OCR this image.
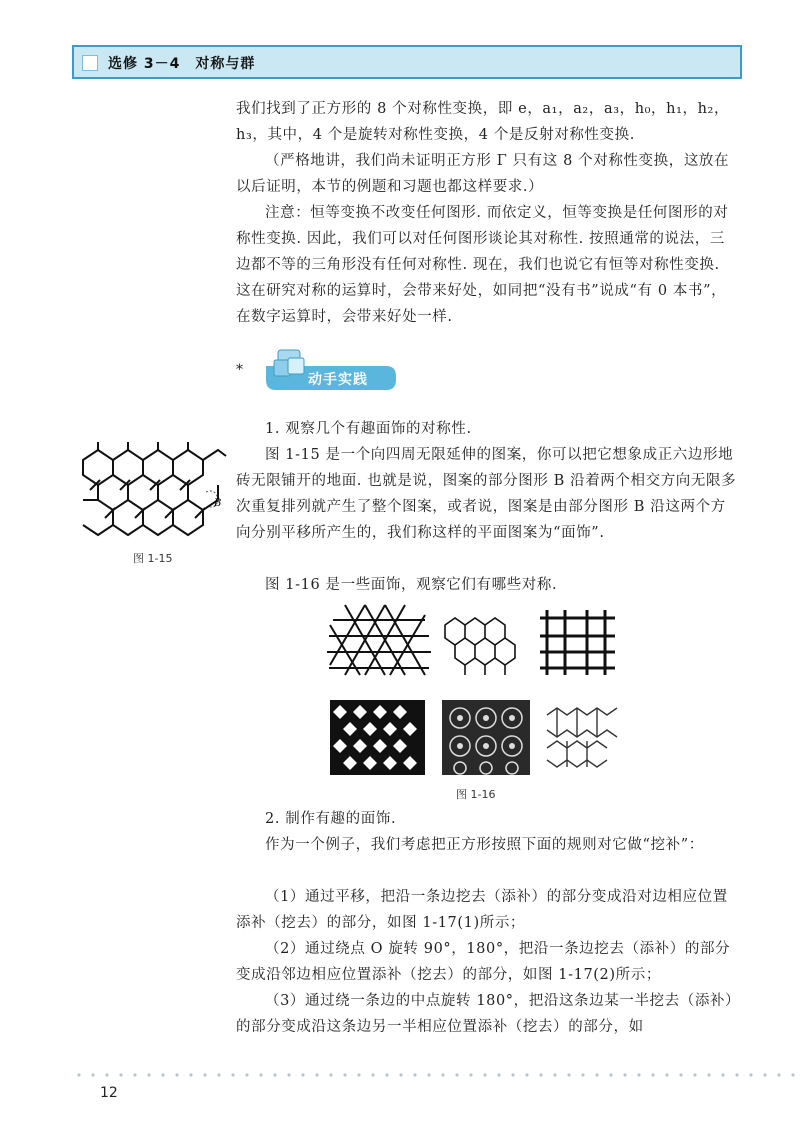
选修 3－4　对称与群

我们找到了正方形的 8 个对称性变换，即 e，a₁，a₂，a₃，h₀，h₁，h₂，

h₃，其中，4 个是旋转对称性变换，4 个是反射对称性变换.

（严格地讲，我们尚未证明正方形 Γ 只有这 8 个对称性变换，这放在以后证明，本节的例题和习题也都这样要求.）

注意：恒等变换不改变任何图形. 而依定义，恒等变换是任何图形的对称性变换. 因此，我们可以对任何图形谈论其对称性. 按照通常的说法，三边都不等的三角形没有任何对称性. 现在，我们也说它有恒等对称性变换. 这在研究对称的运算时，会带来好处，如同把“没有书”说成“有 0 本书”，在数字运算时，会带来好处一样.

*
动手实践

1. 观察几个有趣面饰的对称性.

图 1-15 是一个向四周无限延伸的图案，你可以把它想象成正六边形地砖无限铺开的地面. 也就是说，图案的部分图形 B 沿着两个相交方向无限多次重复排列就产生了整个图案，或者说，图案是由部分图形 B 沿这两个方向分别平移所产生的，我们称这样的平面图案为“面饰”.

图 1-16 是一些面饰，观察它们有哪些对称.

B
图 1-15
图 1-16

2. 制作有趣的面饰.

作为一个例子，我们考虑把正方形按照下面的规则对它做“挖补”：

（1）通过平移，把沿一条边挖去（添补）的部分变成沿对边相应位置添补（挖去）的部分，如图 1-17(1)所示；

（2）通过绕点 O 旋转 90°，180°，把沿一条边挖去（添补）的部分变成沿邻边相应位置添补（挖去）的部分，如图 1-17(2)所示；

（3）通过绕一条边的中点旋转 180°，把沿这条边某一半挖去（添补）的部分变成沿这条边另一半相应位置添补（挖去）的部分，如

12
